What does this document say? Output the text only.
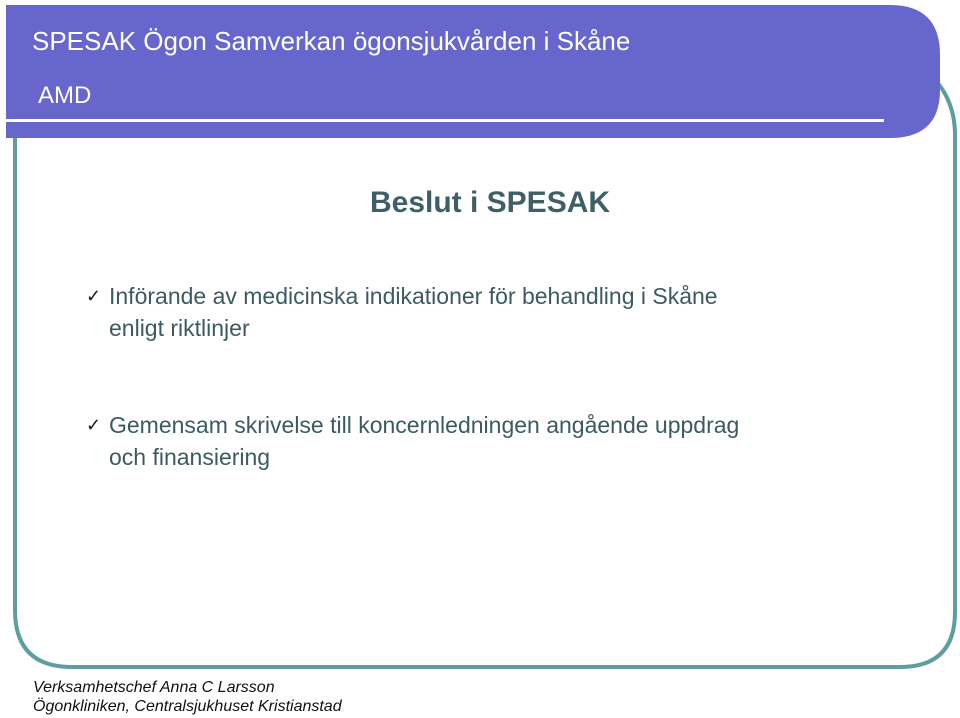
SPESAK Ögon Samverkan ögonsjukvården i Skåne
AMD
Beslut i SPESAK
✓ Införande av medicinska indikationer för behandling i Skåne
enligt riktlinjer
✓ Gemensam skrivelse till koncernledningen angående uppdrag
och finansiering
Verksamhetschef Anna C Larsson
Ögonkliniken, Centralsjukhuset Kristianstad
